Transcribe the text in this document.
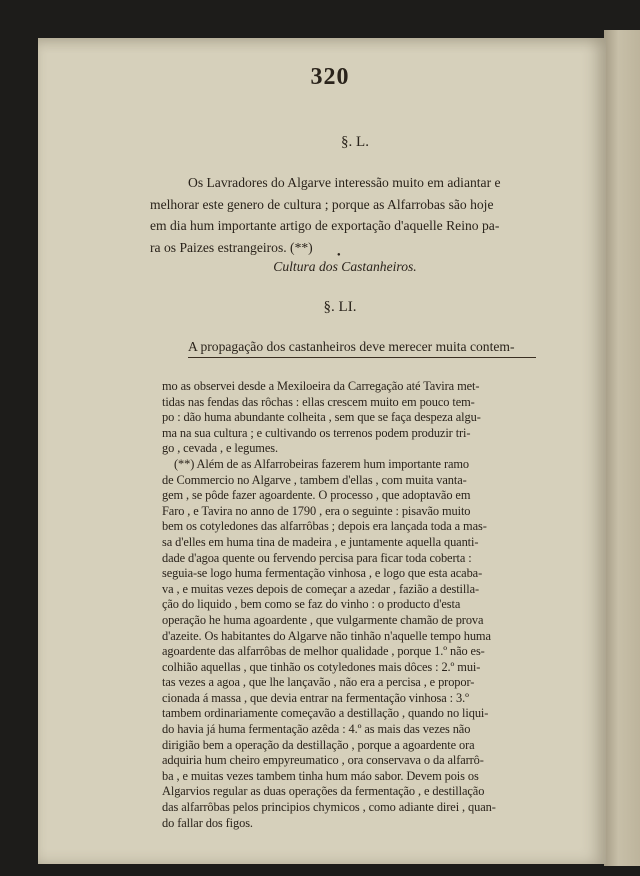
320
§. L.
Os Lavradores do Algarve interessão muito em adiantar e
melhorar este genero de cultura ; porque as Alfarrobas são hoje
em dia hum importante artigo de exportação d'aquelle Reino pa-
ra os Paizes estrangeiros. (**)
●
Cultura dos Castanheiros.
§. LI.
A propagação dos castanheiros deve merecer muita contem-
mo as observei desde a Mexiloeira da Carregação até Tavira met-
tidas nas fendas das rôchas : ellas crescem muito em pouco tem-
po : dão huma abundante colheita , sem que se faça despeza algu-
ma na sua cultura ; e cultivando os terrenos podem produzir tri-
go , cevada , e legumes.
(**) Além de as Alfarrobeiras fazerem hum importante ramo
de Commercio no Algarve , tambem d'ellas , com muita vanta-
gem , se pôde fazer agoardente. O processo , que adoptavão em
Faro , e Tavira no anno de 1790 , era o seguinte : pisavão muito
bem os cotyledones das alfarrôbas ; depois era lançada toda a mas-
sa d'elles em huma tina de madeira , e juntamente aquella quanti-
dade d'agoa quente ou fervendo percisa para ficar toda coberta :
seguia-se logo huma fermentação vinhosa , e logo que esta acaba-
va , e muitas vezes depois de começar a azedar , fazião a destilla-
ção do liquido , bem como se faz do vinho : o producto d'esta
operação he huma agoardente , que vulgarmente chamão de prova
d'azeite. Os habitantes do Algarve não tinhão n'aquelle tempo huma
agoardente das alfarrôbas de melhor qualidade , porque 1.º não es-
colhião aquellas , que tinhão os cotyledones mais dôces : 2.º mui-
tas vezes a agoa , que lhe lançavão , não era a percisa , e propor-
cionada á massa , que devia entrar na fermentação vinhosa : 3.º
tambem ordinariamente começavão a destillação , quando no liqui-
do havia já huma fermentação azêda : 4.º as mais das vezes não
dirigião bem a operação da destillação , porque a agoardente ora
adquiria hum cheiro empyreumatico , ora conservava o da alfarrô-
ba , e muitas vezes tambem tinha hum máo sabor. Devem pois os
Algarvios regular as duas operações da fermentação , e destillação
das alfarrôbas pelos principios chymicos , como adiante direi , quan-
do fallar dos figos.
